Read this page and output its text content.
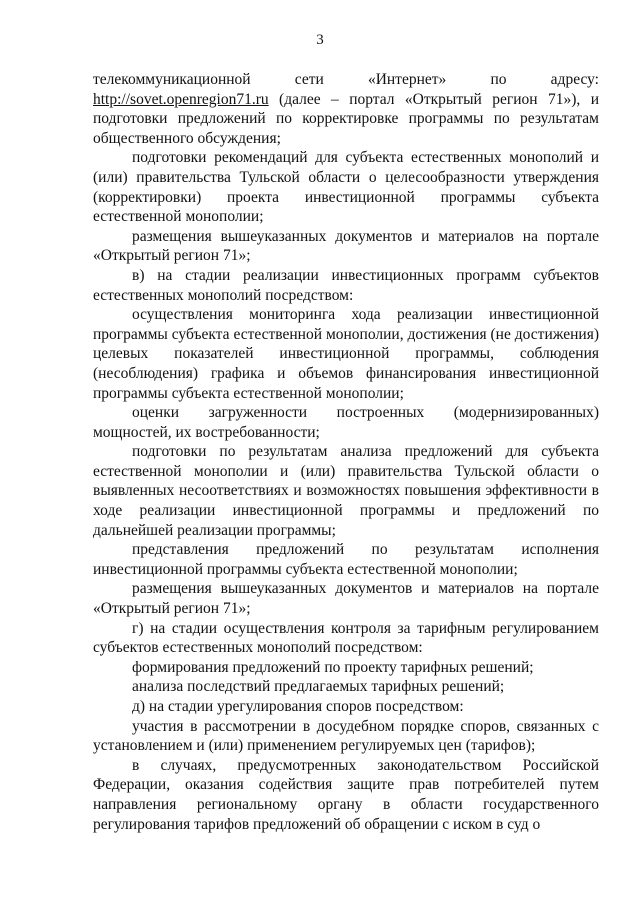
3

телекоммуникационной сети «Интернет» по адресу: http://sovet.openregion71.ru (далее – портал «Открытый регион 71»), и подготовки предложений по корректировке программы по результатам общественного обсуждения;

подготовки рекомендаций для субъекта естественных монополий и (или) правительства Тульской области о целесообразности утверждения (корректировки) проекта инвестиционной программы субъекта естественной монополии;

размещения вышеуказанных документов и материалов на портале «Открытый регион 71»;

в) на стадии реализации инвестиционных программ субъектов естественных монополий посредством:

осуществления мониторинга хода реализации инвестиционной программы субъекта естественной монополии, достижения (не достижения) целевых показателей инвестиционной программы, соблюдения (несоблюдения) графика и объемов финансирования инвестиционной программы субъекта естественной монополии;

оценки загруженности построенных (модернизированных) мощностей, их востребованности;

подготовки по результатам анализа предложений для субъекта естественной монополии и (или) правительства Тульской области о выявленных несоответствиях и возможностях повышения эффективности в ходе реализации инвестиционной программы и предложений по дальнейшей реализации программы;

представления предложений по результатам исполнения инвестиционной программы субъекта естественной монополии;

размещения вышеуказанных документов и материалов на портале «Открытый регион 71»;

г) на стадии осуществления контроля за тарифным регулированием субъектов естественных монополий посредством:

формирования предложений по проекту тарифных решений;

анализа последствий предлагаемых тарифных решений;

д) на стадии урегулирования споров посредством:

участия в рассмотрении в досудебном порядке споров, связанных с установлением и (или) применением регулируемых цен (тарифов);

в случаях, предусмотренных законодательством Российской Федерации, оказания содействия защите прав потребителей путем направления региональному органу в области государственного регулирования тарифов предложений об обращении с иском в суд о
